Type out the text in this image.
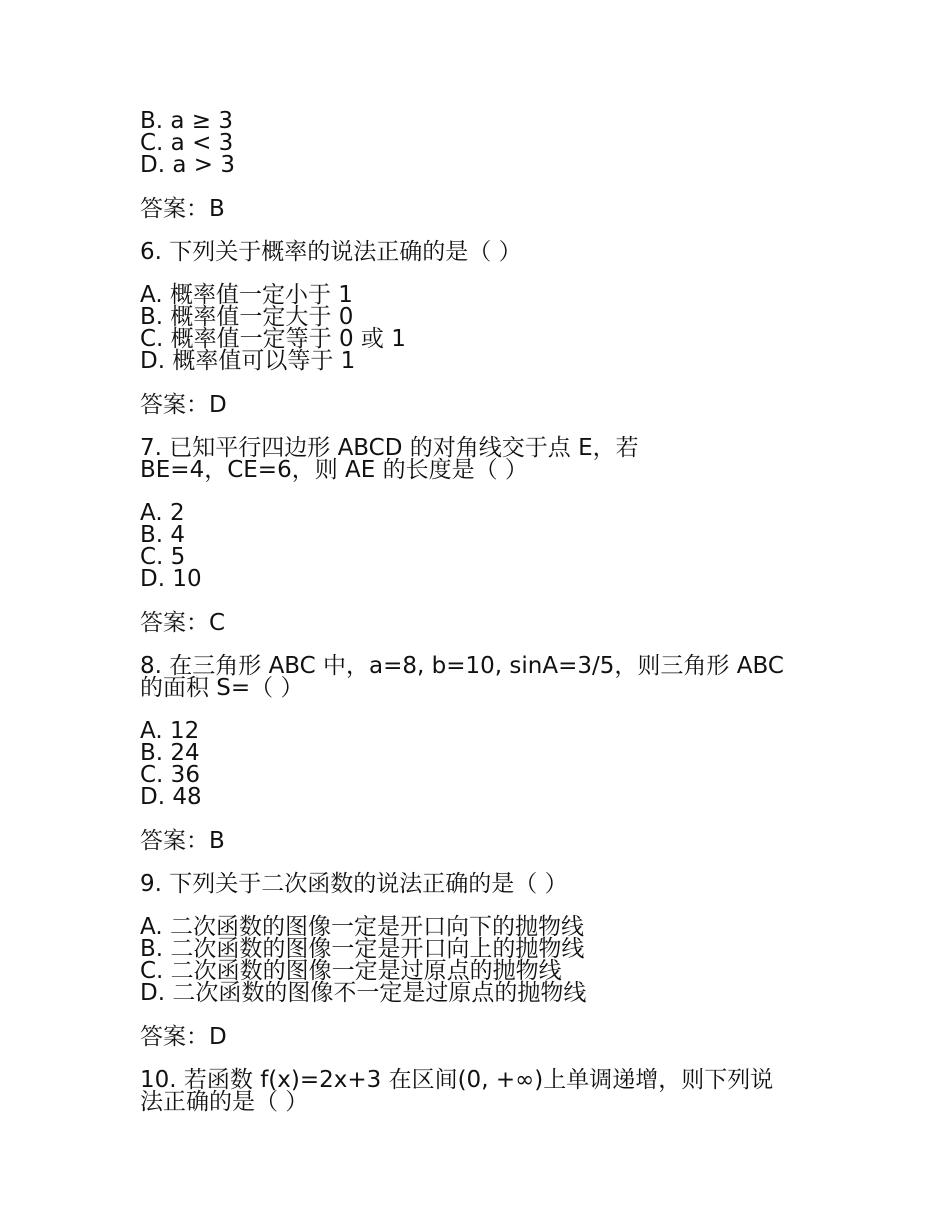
B. a ≥ 3
C. a < 3
D. a > 3
答案：B
6. 下列关于概率的说法正确的是（ ）
A. 概率值一定小于 1
B. 概率值一定大于 0
C. 概率值一定等于 0 或 1
D. 概率值可以等于 1
答案：D
7. 已知平行四边形 ABCD 的对角线交于点 E，若
BE=4，CE=6，则 AE 的长度是（ ）
A. 2
B. 4
C. 5
D. 10
答案：C
8. 在三角形 ABC 中，a=8, b=10, sinA=3/5，则三角形 ABC
的面积 S=（ ）
A. 12
B. 24
C. 36
D. 48
答案：B
9. 下列关于二次函数的说法正确的是（ ）
A. 二次函数的图像一定是开口向下的抛物线
B. 二次函数的图像一定是开口向上的抛物线
C. 二次函数的图像一定是过原点的抛物线
D. 二次函数的图像不一定是过原点的抛物线
答案：D
10. 若函数 f(x)=2x+3 在区间(0, +∞)上单调递增，则下列说
法正确的是（ ）
